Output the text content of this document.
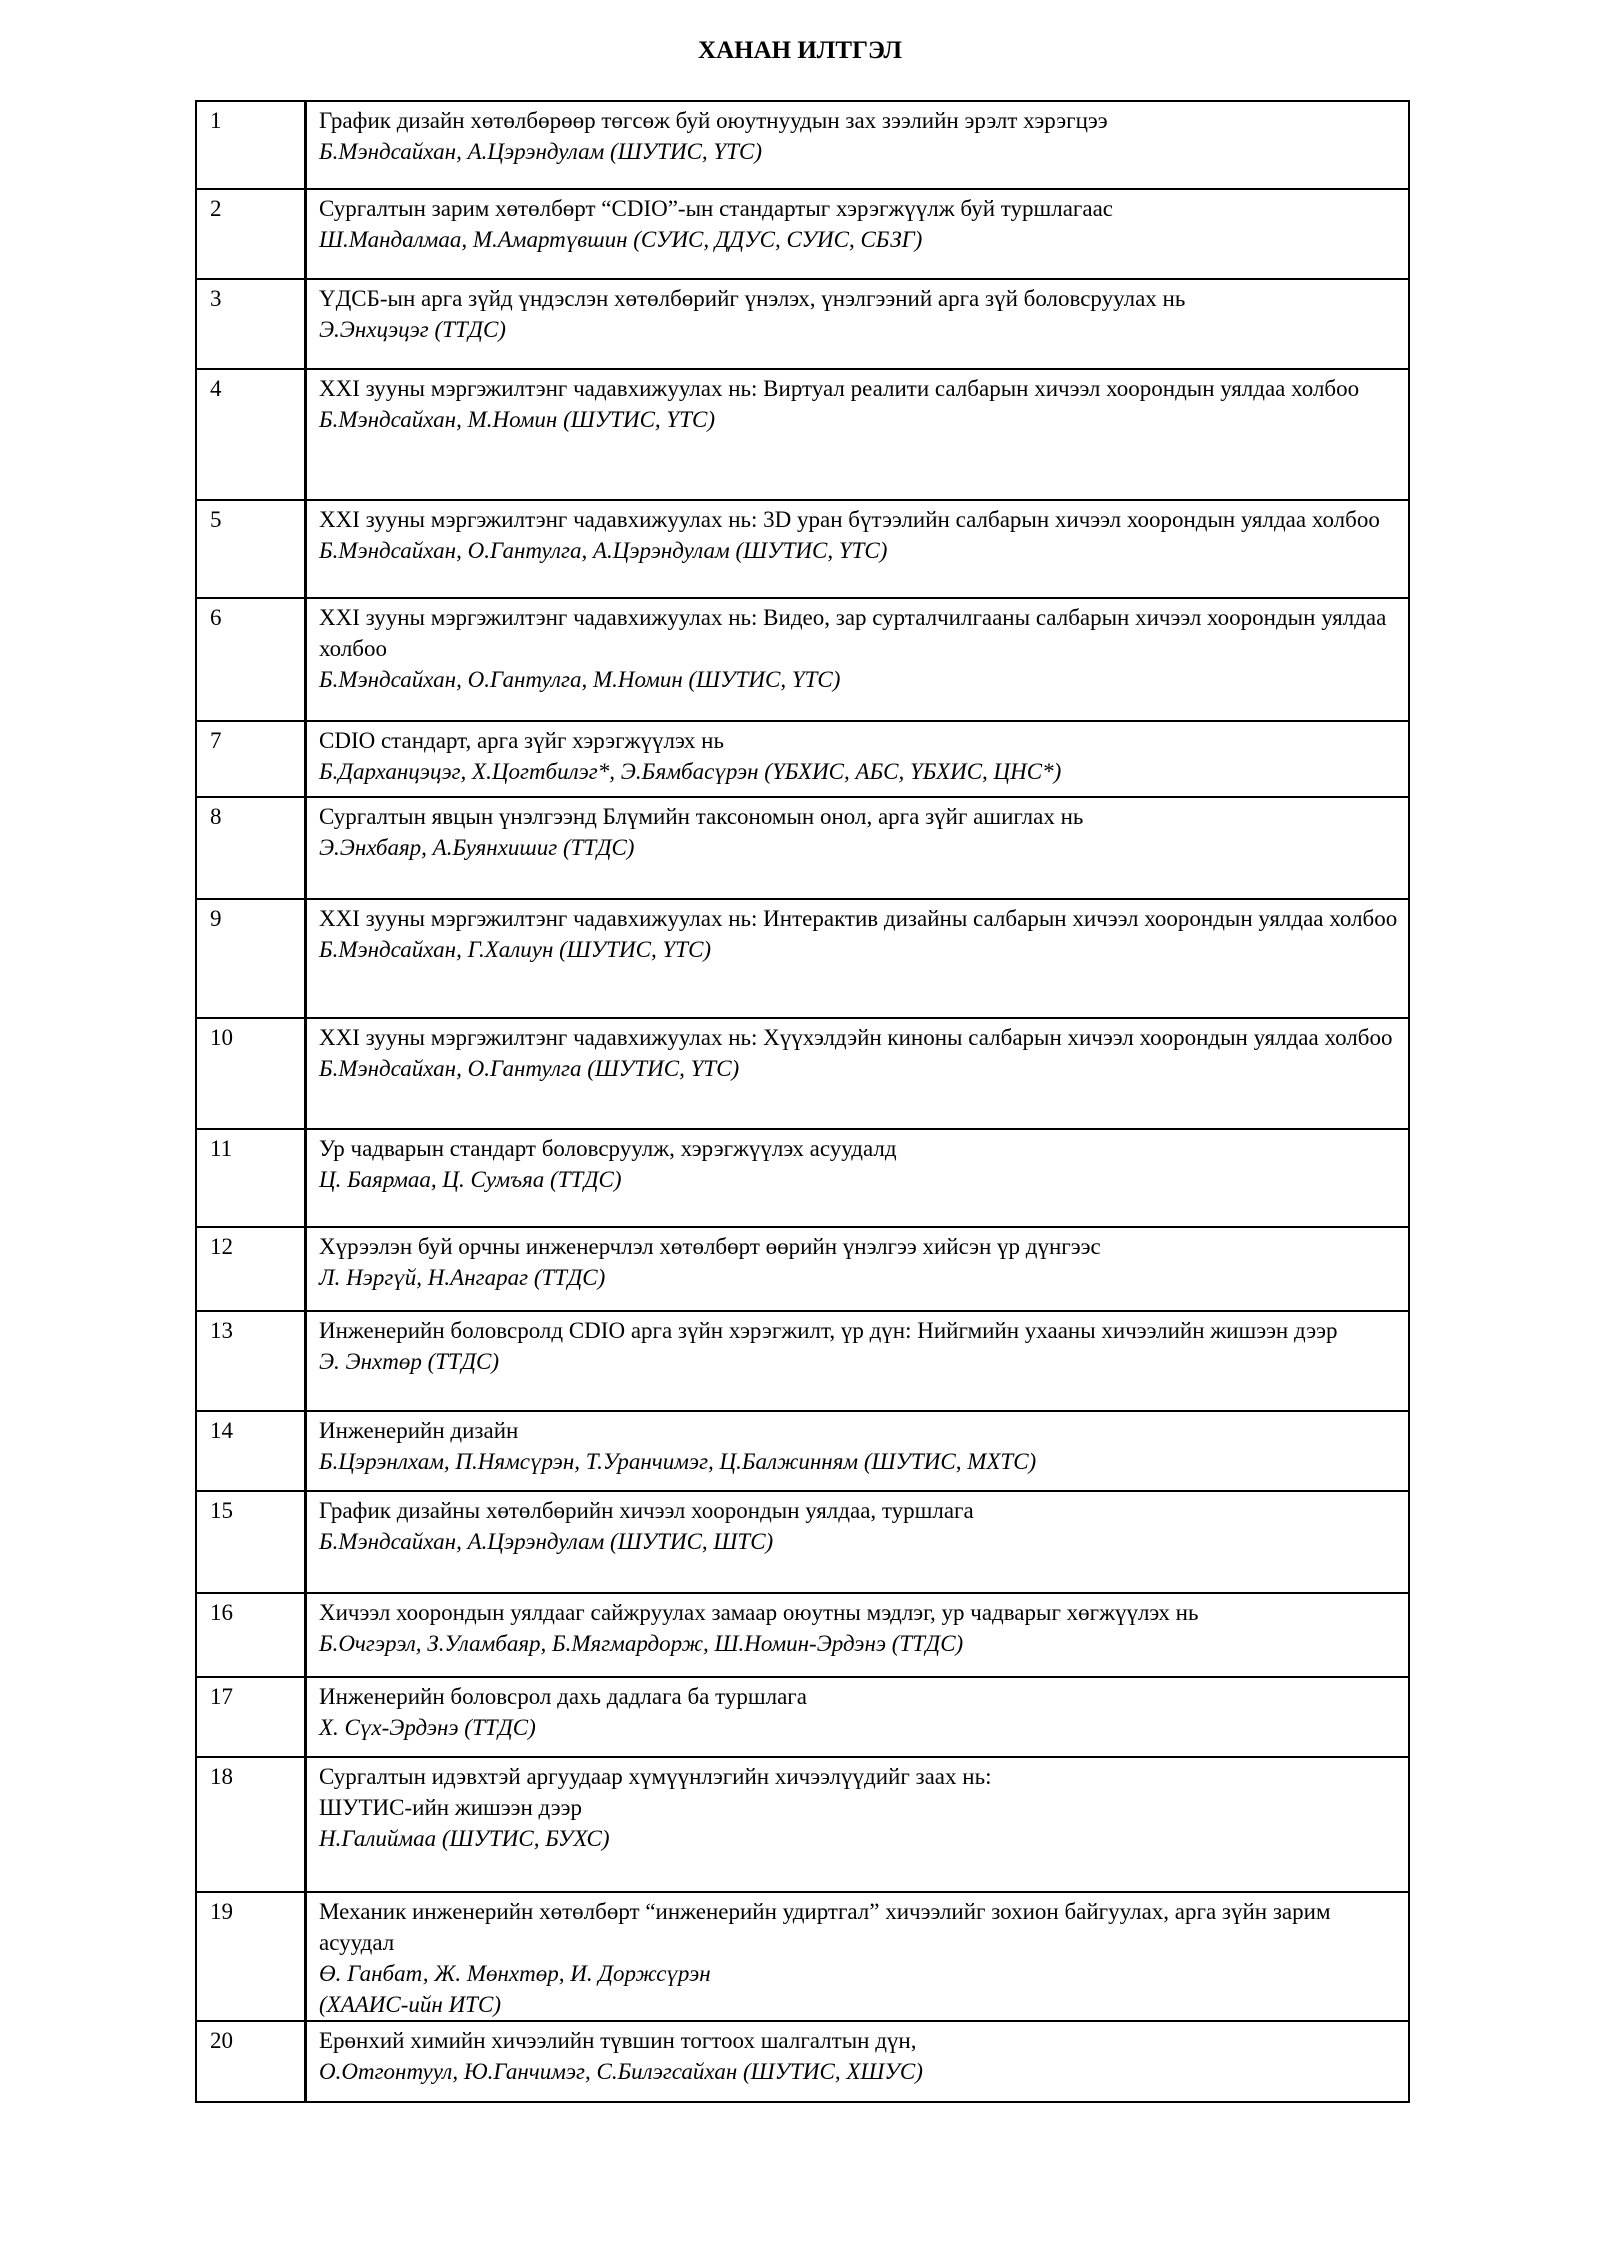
ХАНАН ИЛТГЭЛ
1	График дизайн хөтөлбөрөөр төгсөж буй оюутнуудын зах зээлийн эрэлт хэрэгцээ
Б.Мэндсайхан, А.Цэрэндулам (ШУТИС, ҮТС)

2	Сургалтын зарим хөтөлбөрт “CDIO”-ын стандартыг хэрэгжүүлж буй туршлагаас
Ш.Мандалмаа, М.Амартүвшин (СУИС, ДДУС, СУИС, СБЗГ)

3	ҮДСБ-ын арга зүйд үндэслэн хөтөлбөрийг үнэлэх, үнэлгээний арга зүй боловсруулах нь
Э.Энхцэцэг (ТТДС)

4	XXI зууны мэргэжилтэнг чадавхижуулах нь: Виртуал реалити салбарын хичээл хоорондын уялдаа холбоо
Б.Мэндсайхан, М.Номин (ШУТИС, ҮТС)

5	XXI зууны мэргэжилтэнг чадавхижуулах нь: 3D уран бүтээлийн салбарын хичээл хоорондын уялдаа холбоо
Б.Мэндсайхан, О.Гантулга, А.Цэрэндулам (ШУТИС, ҮТС)

6	XXI зууны мэргэжилтэнг чадавхижуулах нь: Видео, зар сурталчилгааны салбарын хичээл хоорондын уялдаа холбоо
Б.Мэндсайхан, О.Гантулга, М.Номин (ШУТИС, ҮТС)

7	CDIO стандарт, арга зүйг хэрэгжүүлэх нь
Б.Дарханцэцэг, Х.Цогтбилэг*, Э.Бямбасүрэн (ҮБХИС, АБС, ҮБХИС, ЦНС*)

8	Сургалтын явцын үнэлгээнд Блүмийн таксономын онол, арга зүйг ашиглах нь
Э.Энхбаяр, А.Буянхишиг (ТТДС)

9	XXI зууны мэргэжилтэнг чадавхижуулах нь: Интерактив дизайны салбарын хичээл хоорондын уялдаа холбоо
Б.Мэндсайхан, Г.Халиун (ШУТИС, ҮТС)

10	XXI зууны мэргэжилтэнг чадавхижуулах нь: Хүүхэлдэйн киноны салбарын хичээл хоорондын уялдаа холбоо
Б.Мэндсайхан, О.Гантулга (ШУТИС, ҮТС)

11	Ур чадварын стандарт боловсруулж, хэрэгжүүлэх асуудалд
Ц. Баярмаа, Ц. Сумъяа (ТТДС)

12	Хүрээлэн буй орчны инженерчлэл хөтөлбөрт өөрийн үнэлгээ хийсэн үр дүнгээс
Л. Нэргүй, Н.Ангараг (ТТДС)

13	Инженерийн боловсролд CDIO арга зүйн хэрэгжилт, үр дүн: Нийгмийн ухааны хичээлийн жишээн дээр
Э. Энхтөр (ТТДС)

14	Инженерийн дизайн
Б.Цэрэнлхам, П.Нямсүрэн, Т.Уранчимэг, Ц.Балжинням (ШУТИС, МХТС)

15	График дизайны хөтөлбөрийн хичээл хоорондын уялдаа, туршлага
Б.Мэндсайхан, А.Цэрэндулам (ШУТИС, ШТС)

16	Хичээл хоорондын уялдааг сайжруулах замаар оюутны мэдлэг, ур чадварыг хөгжүүлэх нь
Б.Очгэрэл, З.Уламбаяр, Б.Мягмардорж, Ш.Номин-Эрдэнэ (ТТДС)

17	Инженерийн боловсрол дахь дадлага ба туршлага
Х. Сүх-Эрдэнэ (ТТДС)

18	Сургалтын идэвхтэй аргуудаар хүмүүнлэгийн хичээлүүдийг заах нь:
ШУТИС-ийн жишээн дээр
Н.Галиймаа (ШУТИС, БУХС)

19	Механик инженерийн хөтөлбөрт “инженерийн удиртгал” хичээлийг зохион байгуулах, арга зүйн зарим асуудал
Ө. Ганбат, Ж. Мөнхтөр, И. Доржсүрэн
(ХААИС-ийн ИТС)

20	Ерөнхий химийн хичээлийн түвшин тогтоох шалгалтын дүн,
О.Отгонтуул, Ю.Ганчимэг, С.Билэгсайхан (ШУТИС, ХШУС)
